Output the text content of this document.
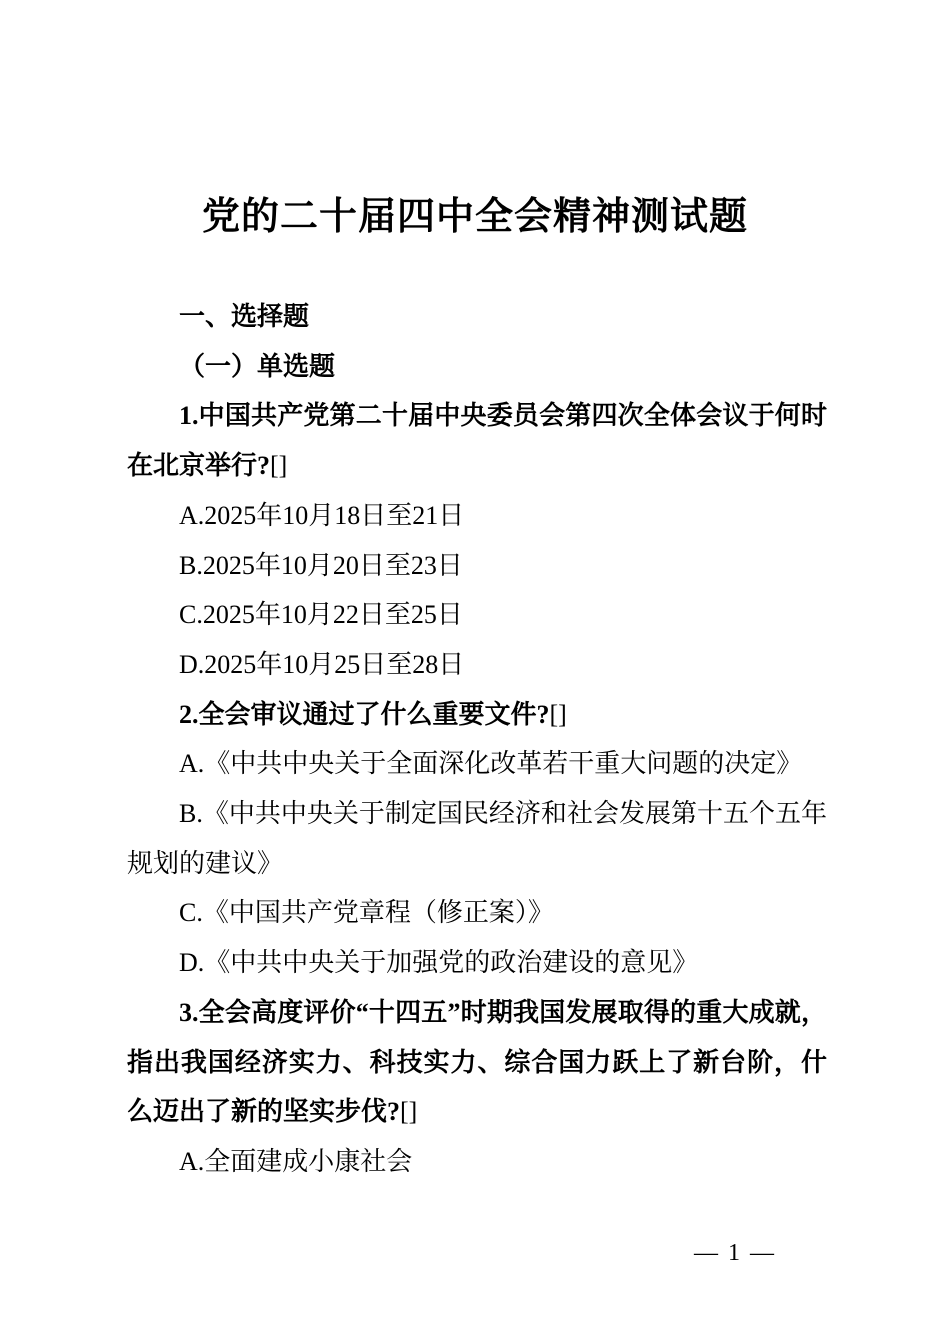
党的二十届四中全会精神测试题

一、选择题

（一）单选题

1.中国共产党第二十届中央委员会第四次全体会议于何时在北京举行?[]

A.2025年10月18日至21日

B.2025年10月20日至23日

C.2025年10月22日至25日

D.2025年10月25日至28日

2.全会审议通过了什么重要文件?[]

A.《中共中央关于全面深化改革若干重大问题的决定》

B.《中共中央关于制定国民经济和社会发展第十五个五年规划的建议》

C.《中国共产党章程（修正案）》

D.《中共中央关于加强党的政治建设的意见》

3.全会高度评价“十四五”时期我国发展取得的重大成就，指出我国经济实力、科技实力、综合国力跃上了新台阶，什么迈出了新的坚实步伐?[]

A.全面建成小康社会

— 1 —
